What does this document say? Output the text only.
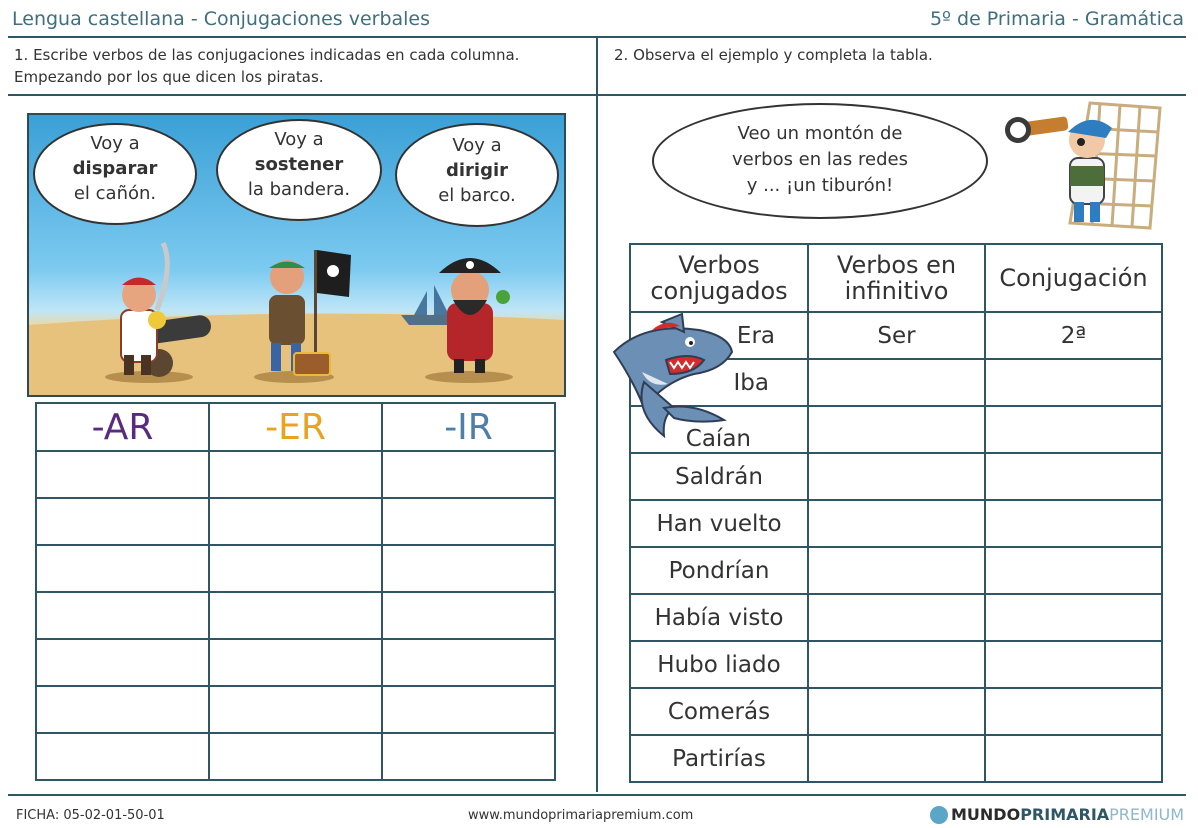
Lengua castellana - Conjugaciones verbales	5º de Primaria - Gramática
1. Escribe verbos de las conjugaciones indicadas en cada columna.
Empezando por los que dicen los piratas.
2. Observa el ejemplo y completa la tabla.
Voy a
disparar
el cañón.
Voy a
sostener
la bandera.
Voy a
dirigir
el barco.
-AR	-ER	-IR

Veo un montón de
verbos en las redes
y ... ¡un tiburón!
Verbos conjugados	Verbos en infinitivo	Conjugación
Era	Ser	2ª
Iba		
Caían		
Saldrán		
Han vuelto		
Pondrían		
Había visto		
Hubo liado		
Comerás		
Partirías		
FICHA: 05-02-01-50-01	www.mundoprimariapremium.com	MUNDOPRIMARIAPREMIUM
